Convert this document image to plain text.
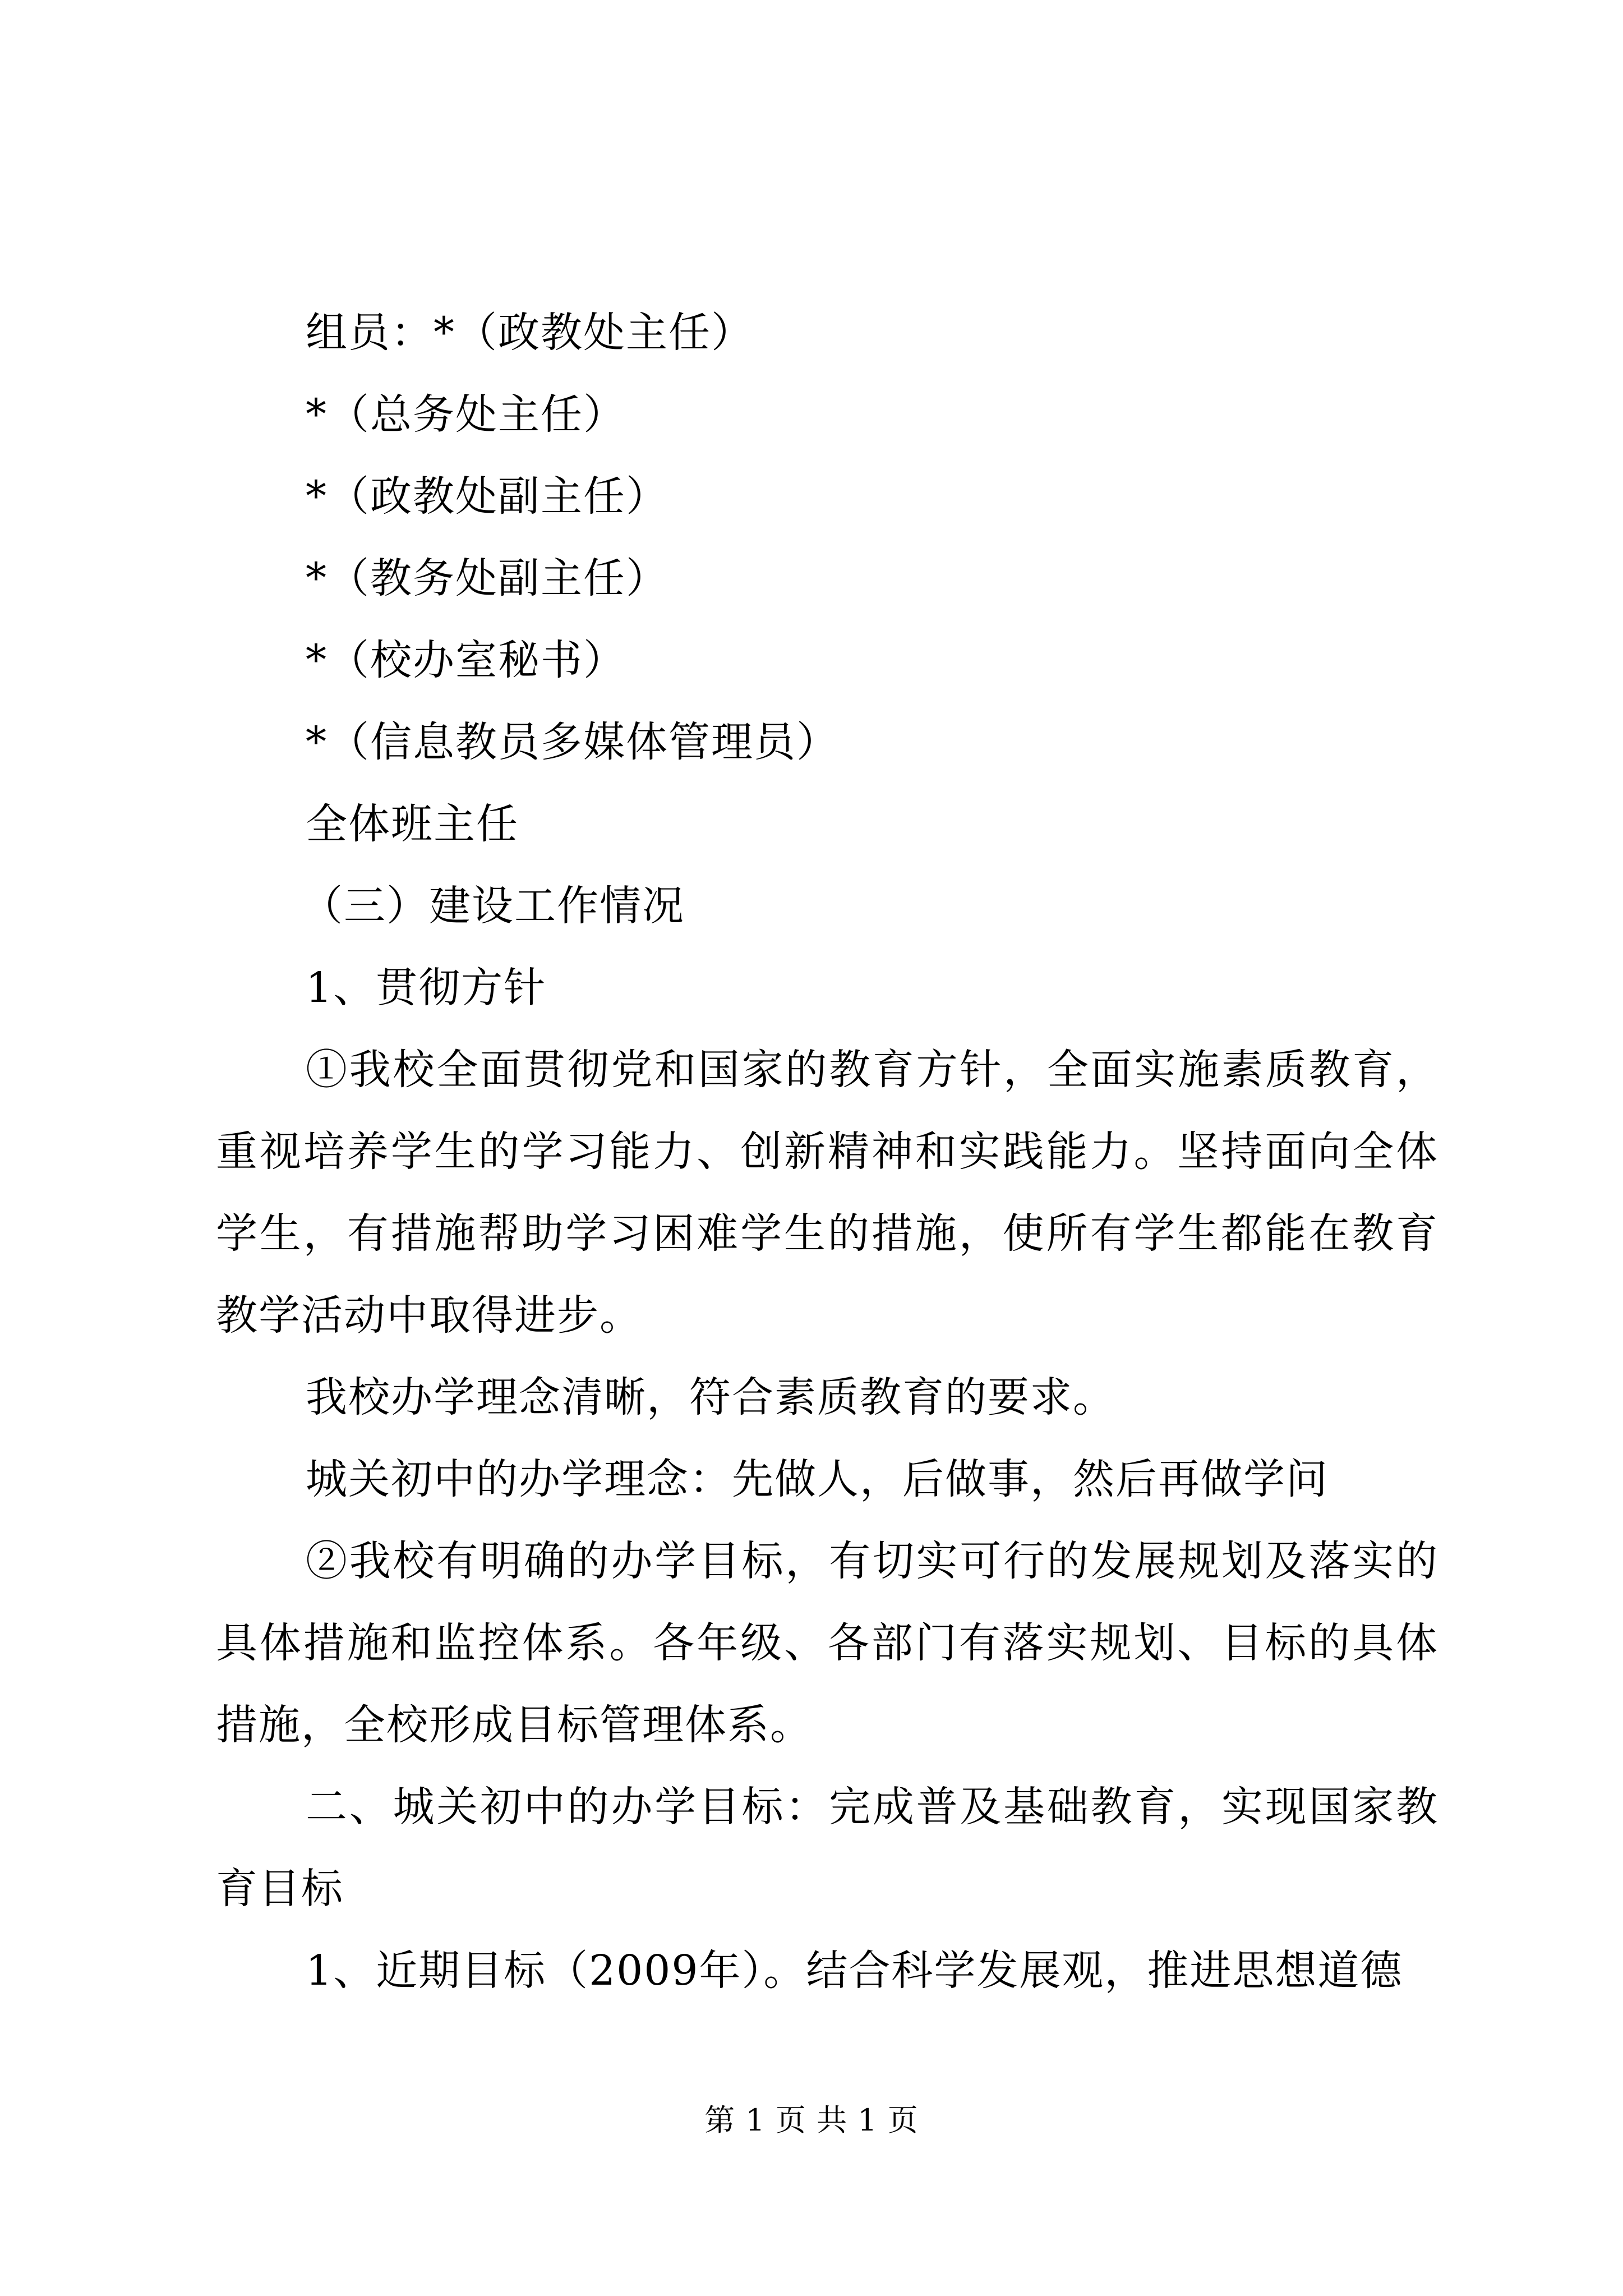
组员：*（政教处主任）
*（总务处主任）
*（政教处副主任）
*（教务处副主任）
*（校办室秘书）
*（信息教员多媒体管理员）
全体班主任
（三）建设工作情况
1、贯彻方针

①我校全面贯彻党和国家的教育方针，全面实施素质教育，重视培养学生的学习能力、创新精神和实践能力。坚持面向全体学生，有措施帮助学习困难学生的措施，使所有学生都能在教育教学活动中取得进步。

我校办学理念清晰，符合素质教育的要求。
城关初中的办学理念：先做人，后做事，然后再做学问

②我校有明确的办学目标，有切实可行的发展规划及落实的具体措施和监控体系。各年级、各部门有落实规划、目标的具体措施，全校形成目标管理体系。

二、城关初中的办学目标：完成普及基础教育，实现国家教育目标

1、近期目标（2009年）。结合科学发展观，推进思想道德
第 1 页 共 1 页
